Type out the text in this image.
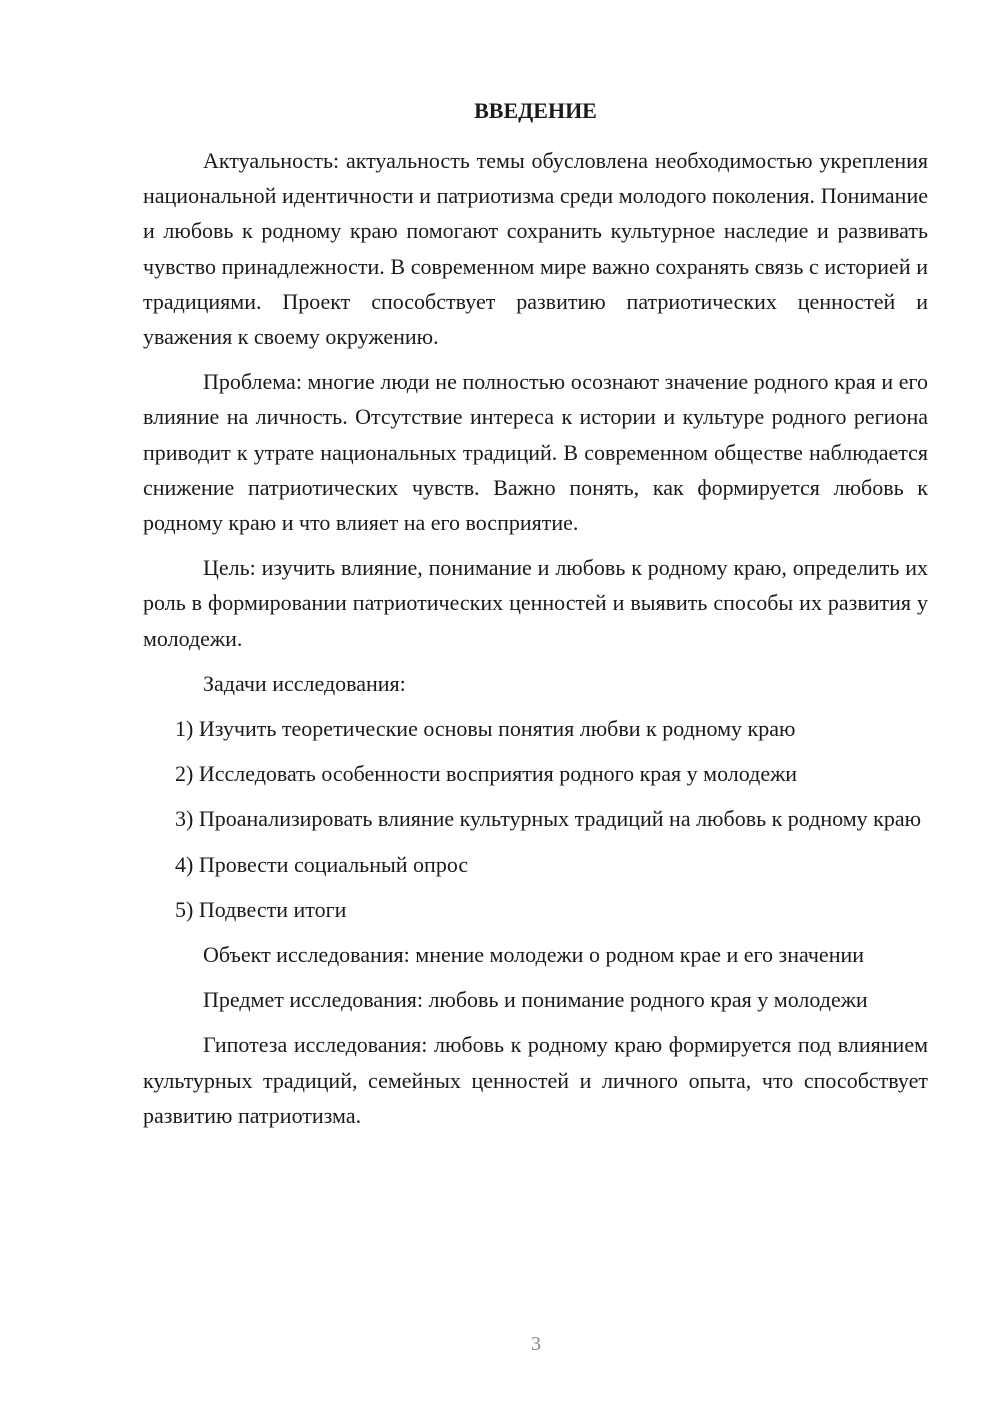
ВВЕДЕНИЕ

Актуальность: актуальность темы обусловлена необходимостью укрепления национальной идентичности и патриотизма среди молодого поколения. Понимание и любовь к родному краю помогают сохранить культурное наследие и развивать чувство принадлежности. В современном мире важно сохранять связь с историей и традициями. Проект способствует развитию патриотических ценностей и уважения к своему окружению.

Проблема: многие люди не полностью осознают значение родного края и его влияние на личность. Отсутствие интереса к истории и культуре родного региона приводит к утрате национальных традиций. В современном обществе наблюдается снижение патриотических чувств. Важно понять, как формируется любовь к родному краю и что влияет на его восприятие.

Цель: изучить влияние, понимание и любовь к родному краю, определить их роль в формировании патриотических ценностей и выявить способы их развития у молодежи.

Задачи исследования:

1) Изучить теоретические основы понятия любви к родному краю

2) Исследовать особенности восприятия родного края у молодежи

3) Проанализировать влияние культурных традиций на любовь к родному краю

4) Провести социальный опрос

5) Подвести итоги

Объект исследования: мнение молодежи о родном крае и его значении

Предмет исследования: любовь и понимание родного края у молодежи

Гипотеза исследования: любовь к родному краю формируется под влиянием культурных традиций, семейных ценностей и личного опыта, что способствует развитию патриотизма.

3
